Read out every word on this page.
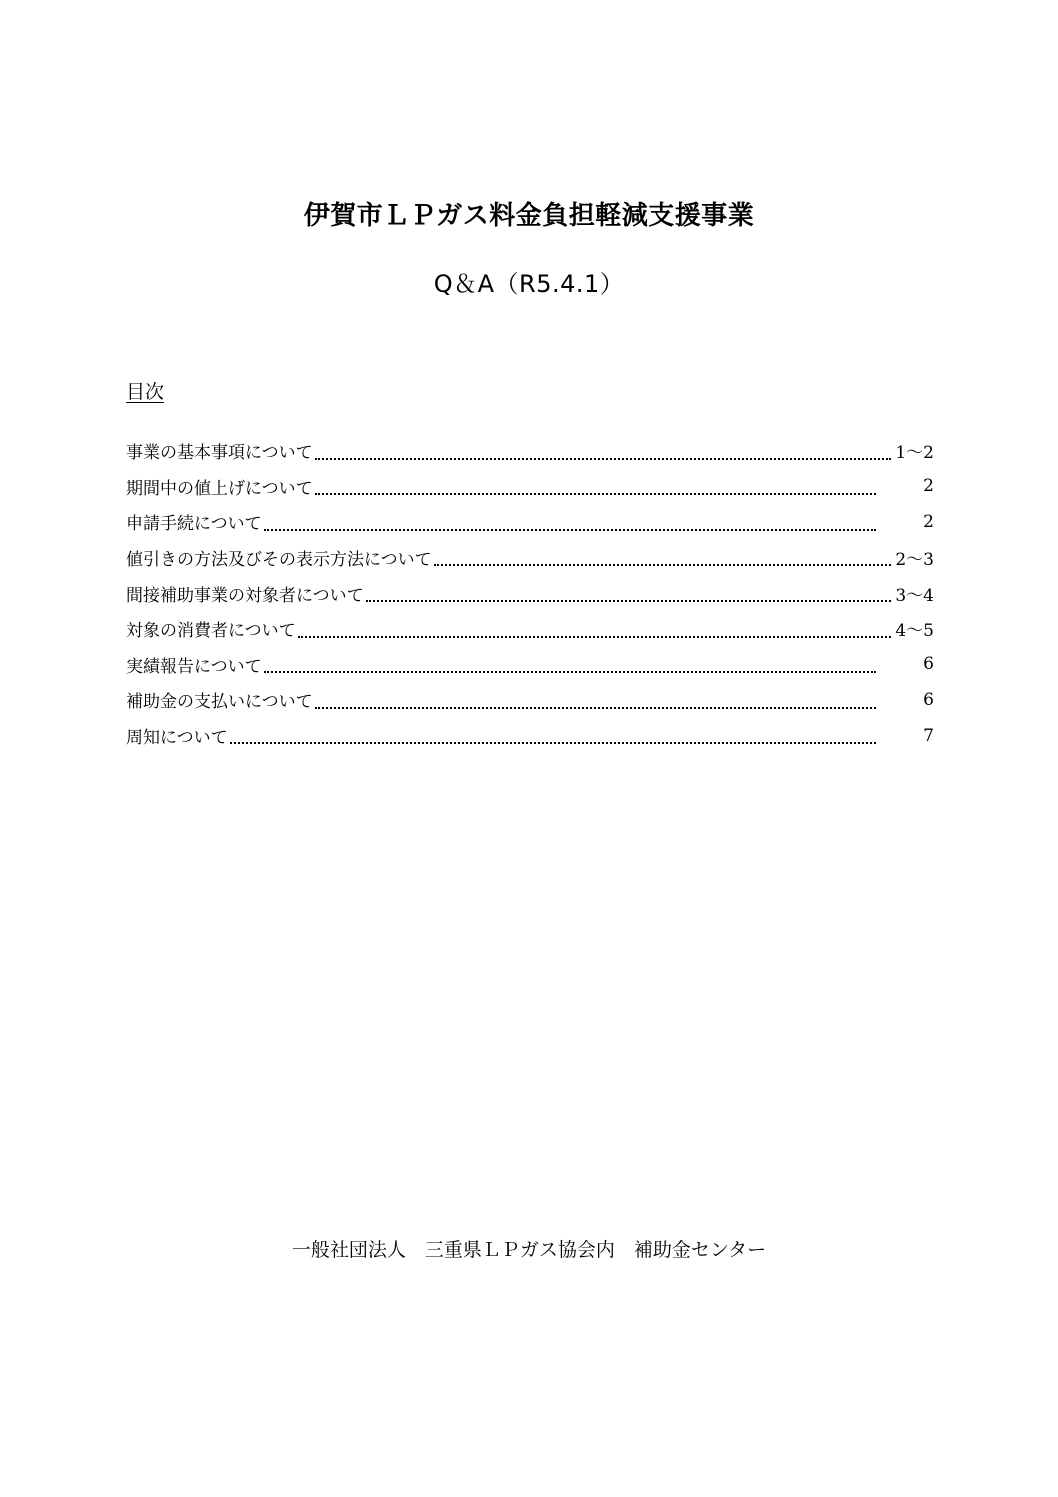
伊賀市ＬＰガス料金負担軽減支援事業
Q＆A（R5.4.1）
目次
事業の基本事項について	1～2
期間中の値上げについて	2
申請手続について	2
値引きの方法及びその表示方法について	2～3
間接補助事業の対象者について	3～4
対象の消費者について	4～5
実績報告について	6
補助金の支払いについて	6
周知について	7
一般社団法人　三重県ＬＰガス協会内　補助金センター
